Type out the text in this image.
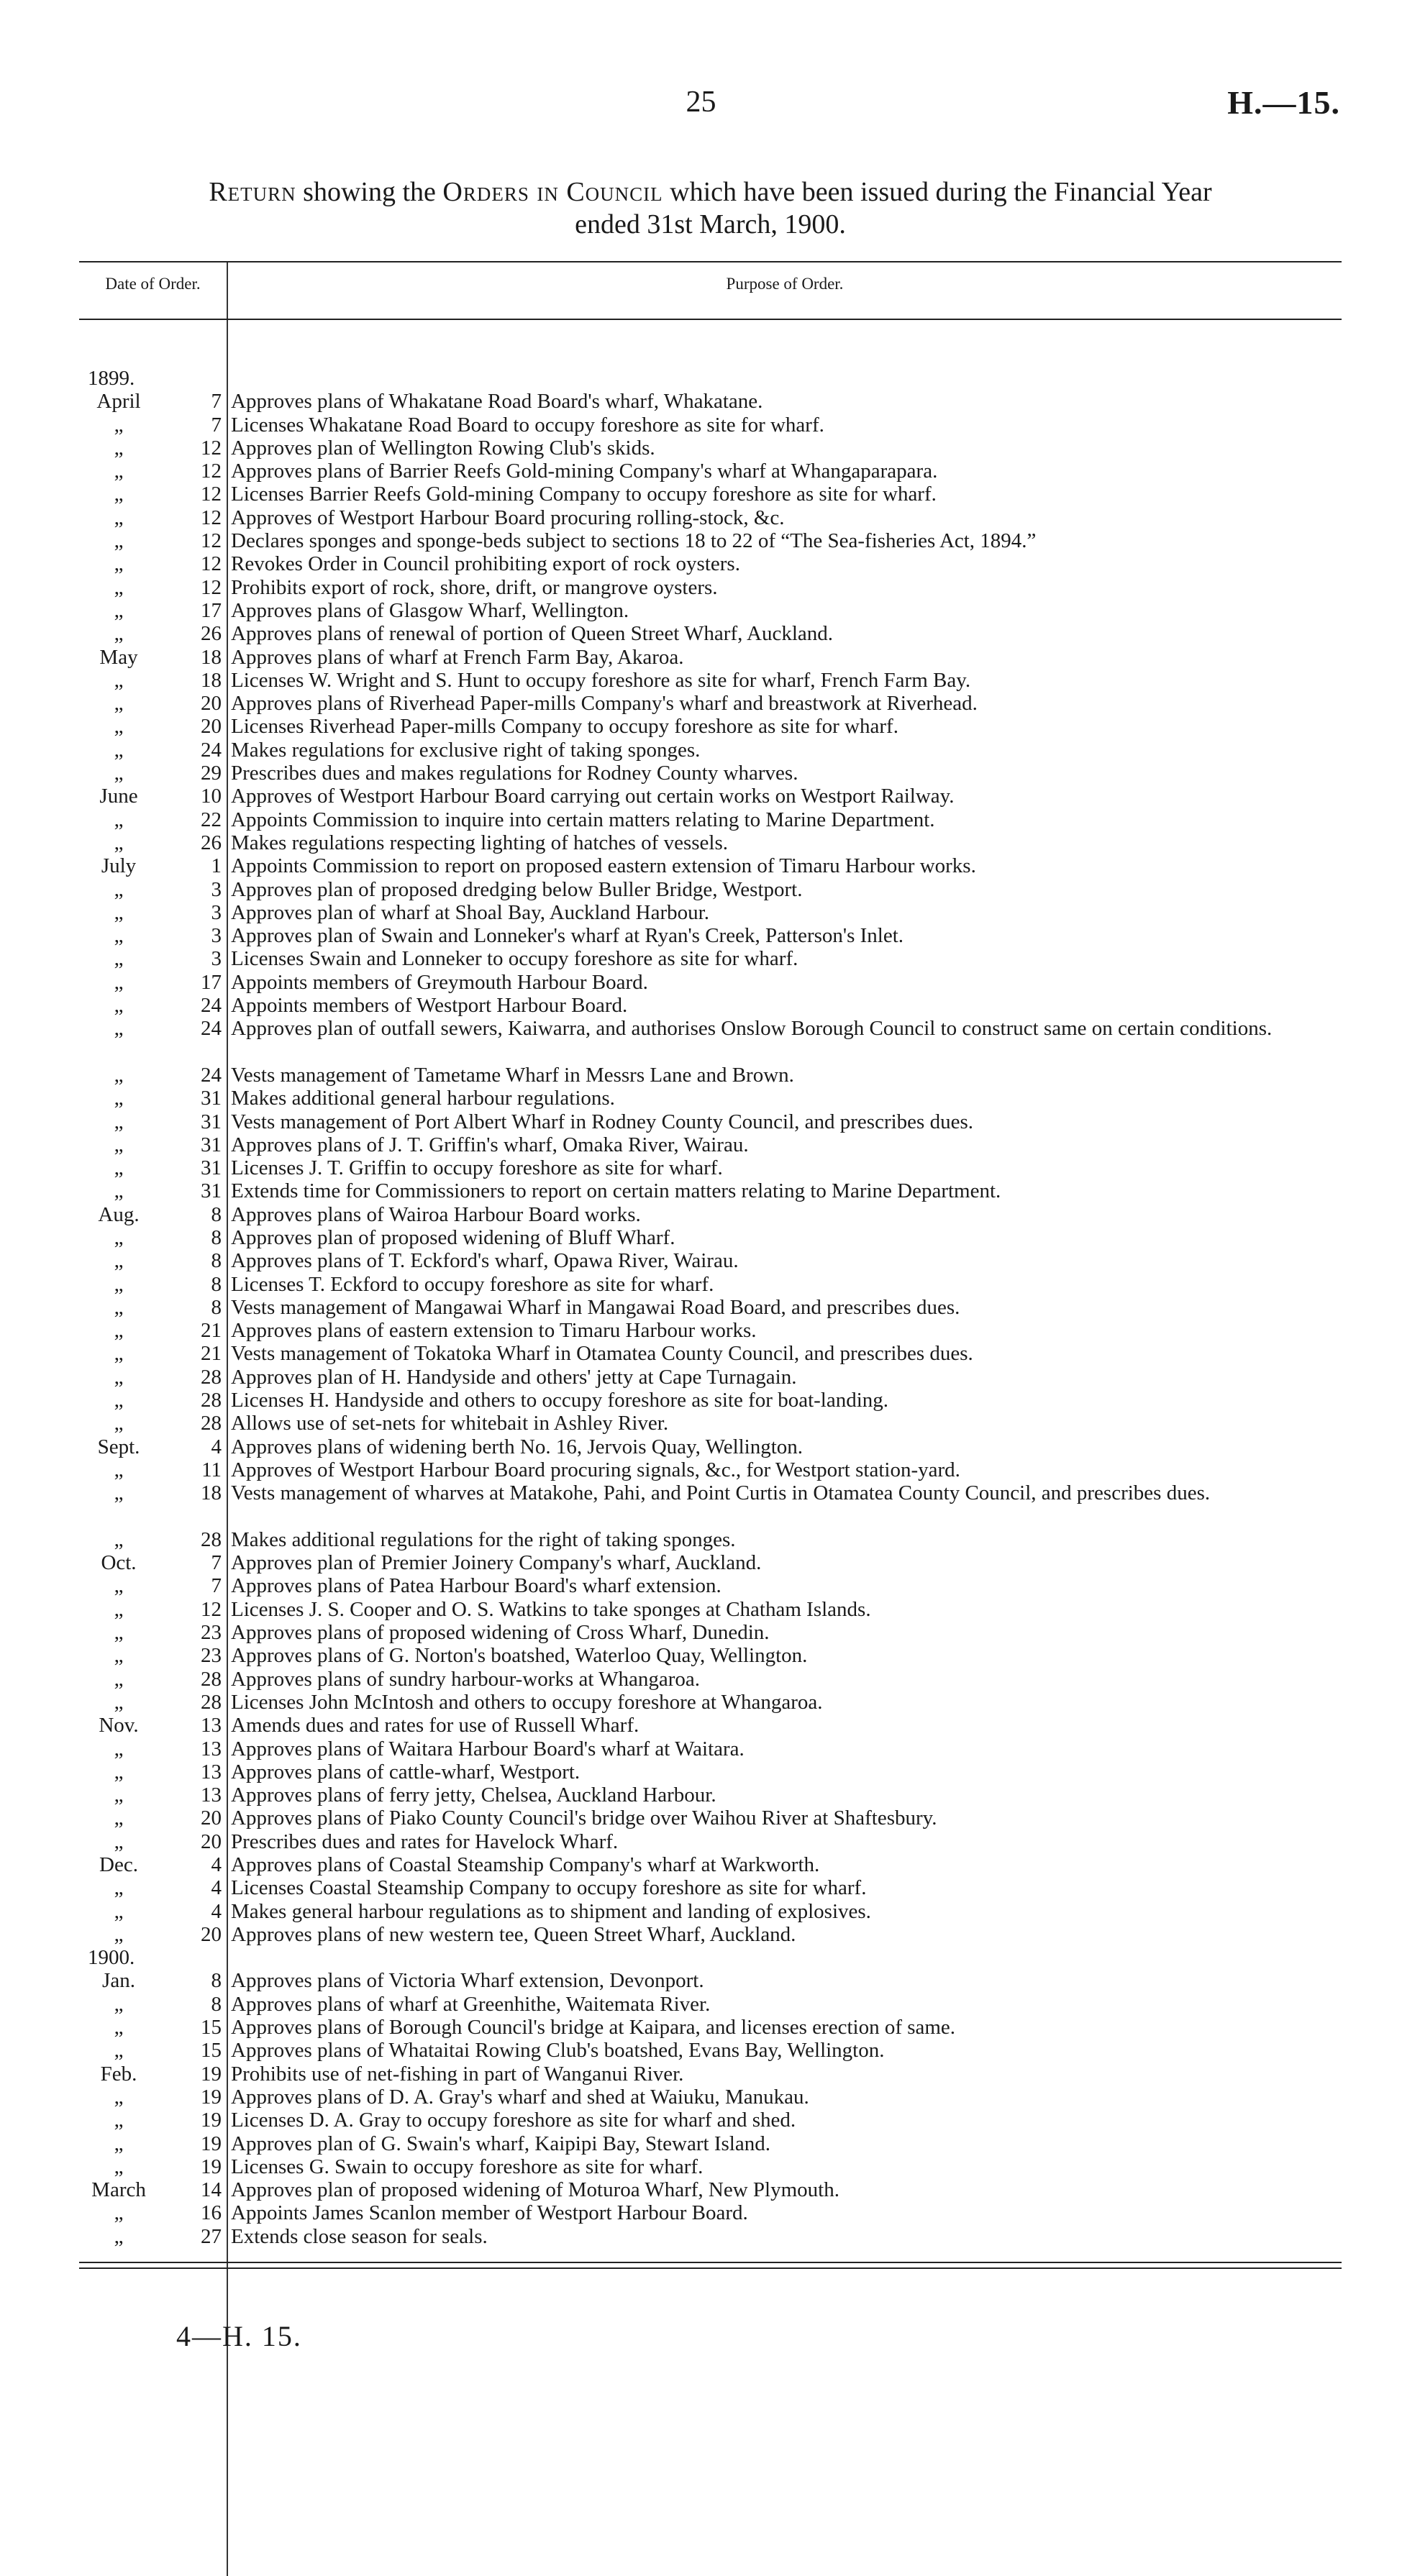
25	H.—15.
Return showing the Orders in Council which have been issued during the Financial Year
ended 31st March, 1900.
Date of Order.	Purpose of Order.
1899.
April	7 Approves plans of Whakatane Road Board's wharf, Whakatane.
„	7 Licenses Whakatane Road Board to occupy foreshore as site for wharf.
„	12 Approves plan of Wellington Rowing Club's skids.
„	12 Approves plans of Barrier Reefs Gold-mining Company's wharf at Whangaparapara.
„	12 Licenses Barrier Reefs Gold-mining Company to occupy foreshore as site for wharf.
„	12 Approves of Westport Harbour Board procuring rolling-stock, &c.
„	12 Declares sponges and sponge-beds subject to sections 18 to 22 of “The Sea-fisheries Act, 1894.”
„	12 Revokes Order in Council prohibiting export of rock oysters.
„	12 Prohibits export of rock, shore, drift, or mangrove oysters.
„	17 Approves plans of Glasgow Wharf, Wellington.
„	26 Approves plans of renewal of portion of Queen Street Wharf, Auckland.
May	18 Approves plans of wharf at French Farm Bay, Akaroa.
„	18 Licenses W. Wright and S. Hunt to occupy foreshore as site for wharf, French Farm Bay.
„	20 Approves plans of Riverhead Paper-mills Company's wharf and breastwork at Riverhead.
„	20 Licenses Riverhead Paper-mills Company to occupy foreshore as site for wharf.
„	24 Makes regulations for exclusive right of taking sponges.
„	29 Prescribes dues and makes regulations for Rodney County wharves.
June	10 Approves of Westport Harbour Board carrying out certain works on Westport Railway.
„	22 Appoints Commission to inquire into certain matters relating to Marine Department.
„	26 Makes regulations respecting lighting of hatches of vessels.
July	1 Appoints Commission to report on proposed eastern extension of Timaru Harbour works.
„	3 Approves plan of proposed dredging below Buller Bridge, Westport.
„	3 Approves plan of wharf at Shoal Bay, Auckland Harbour.
„	3 Approves plan of Swain and Lonneker's wharf at Ryan's Creek, Patterson's Inlet.
„	3 Licenses Swain and Lonneker to occupy foreshore as site for wharf.
„	17 Appoints members of Greymouth Harbour Board.
„	24 Appoints members of Westport Harbour Board.
„	24 Approves plan of outfall sewers, Kaiwarra, and authorises Onslow Borough Council to construct same on certain conditions.
„	24 Vests management of Tametame Wharf in Messrs Lane and Brown.
„	31 Makes additional general harbour regulations.
„	31 Vests management of Port Albert Wharf in Rodney County Council, and prescribes dues.
„	31 Approves plans of J. T. Griffin's wharf, Omaka River, Wairau.
„	31 Licenses J. T. Griffin to occupy foreshore as site for wharf.
„	31 Extends time for Commissioners to report on certain matters relating to Marine Department.
Aug.	8 Approves plans of Wairoa Harbour Board works.
„	8 Approves plan of proposed widening of Bluff Wharf.
„	8 Approves plans of T. Eckford's wharf, Opawa River, Wairau.
„	8 Licenses T. Eckford to occupy foreshore as site for wharf.
„	8 Vests management of Mangawai Wharf in Mangawai Road Board, and prescribes dues.
„	21 Approves plans of eastern extension to Timaru Harbour works.
„	21 Vests management of Tokatoka Wharf in Otamatea County Council, and prescribes dues.
„	28 Approves plan of H. Handyside and others' jetty at Cape Turnagain.
„	28 Licenses H. Handyside and others to occupy foreshore as site for boat-landing.
„	28 Allows use of set-nets for whitebait in Ashley River.
Sept.	4 Approves plans of widening berth No. 16, Jervois Quay, Wellington.
„	11 Approves of Westport Harbour Board procuring signals, &c., for Westport station-yard.
„	18 Vests management of wharves at Matakohe, Pahi, and Point Curtis in Otamatea County Council, and prescribes dues.
„	28 Makes additional regulations for the right of taking sponges.
Oct.	7 Approves plan of Premier Joinery Company's wharf, Auckland.
„	7 Approves plans of Patea Harbour Board's wharf extension.
„	12 Licenses J. S. Cooper and O. S. Watkins to take sponges at Chatham Islands.
„	23 Approves plans of proposed widening of Cross Wharf, Dunedin.
„	23 Approves plans of G. Norton's boatshed, Waterloo Quay, Wellington.
„	28 Approves plans of sundry harbour-works at Whangaroa.
„	28 Licenses John McIntosh and others to occupy foreshore at Whangaroa.
Nov.	13 Amends dues and rates for use of Russell Wharf.
„	13 Approves plans of Waitara Harbour Board's wharf at Waitara.
„	13 Approves plans of cattle-wharf, Westport.
„	13 Approves plans of ferry jetty, Chelsea, Auckland Harbour.
„	20 Approves plans of Piako County Council's bridge over Waihou River at Shaftesbury.
„	20 Prescribes dues and rates for Havelock Wharf.
Dec.	4 Approves plans of Coastal Steamship Company's wharf at Warkworth.
„	4 Licenses Coastal Steamship Company to occupy foreshore as site for wharf.
„	4 Makes general harbour regulations as to shipment and landing of explosives.
„	20 Approves plans of new western tee, Queen Street Wharf, Auckland.
1900.
Jan.	8 Approves plans of Victoria Wharf extension, Devonport.
„	8 Approves plans of wharf at Greenhithe, Waitemata River.
„	15 Approves plans of Borough Council's bridge at Kaipara, and licenses erection of same.
„	15 Approves plans of Whataitai Rowing Club's boatshed, Evans Bay, Wellington.
Feb.	19 Prohibits use of net-fishing in part of Wanganui River.
„	19 Approves plans of D. A. Gray's wharf and shed at Waiuku, Manukau.
„	19 Licenses D. A. Gray to occupy foreshore as site for wharf and shed.
„	19 Approves plan of G. Swain's wharf, Kaipipi Bay, Stewart Island.
„	19 Licenses G. Swain to occupy foreshore as site for wharf.
March	14 Approves plan of proposed widening of Moturoa Wharf, New Plymouth.
„	16 Appoints James Scanlon member of Westport Harbour Board.
„	27 Extends close season for seals.
4—H. 15.
